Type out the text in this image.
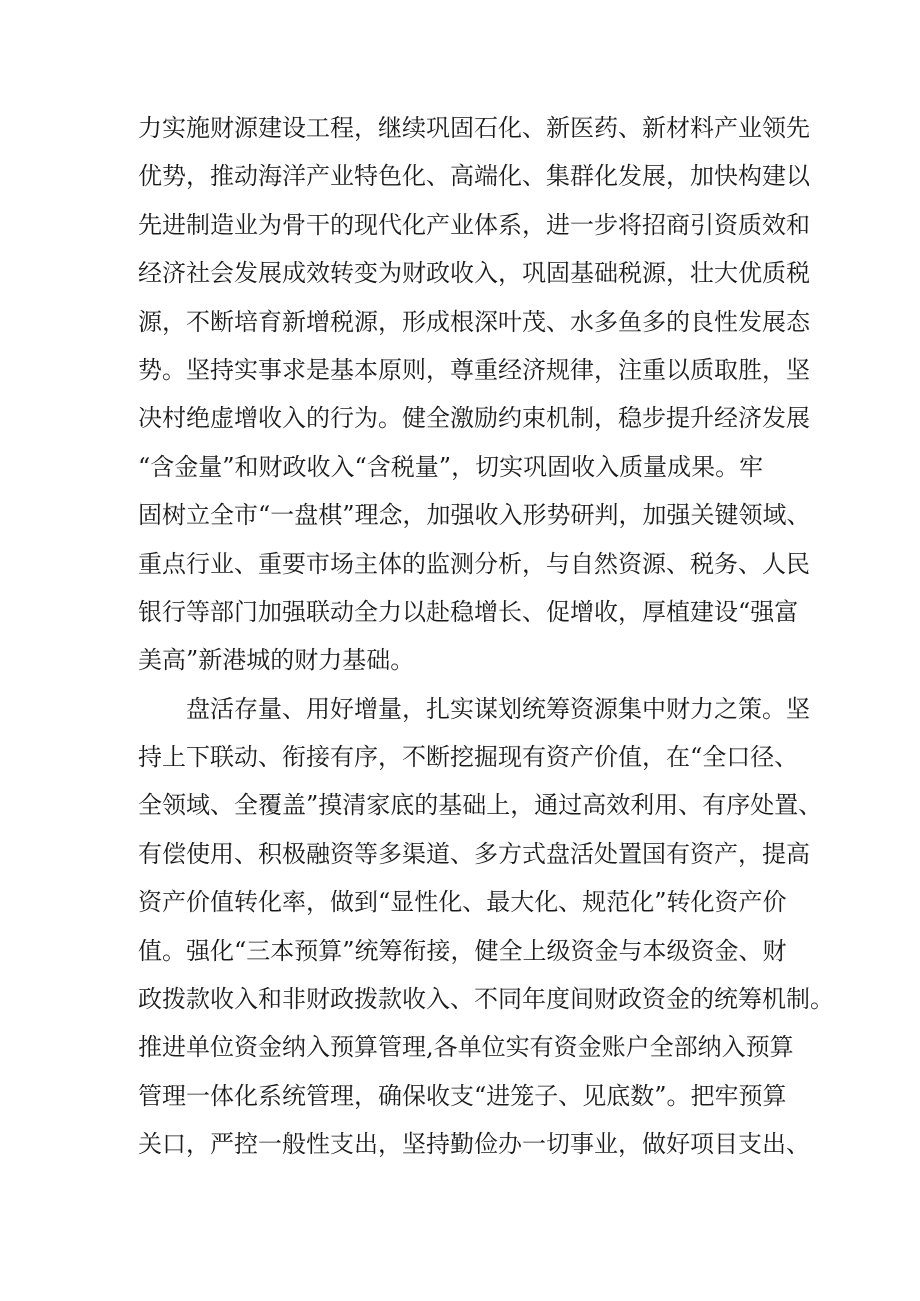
力实施财源建设工程，继续巩固石化、新医药、新材料产业领先
优势，推动海洋产业特色化、高端化、集群化发展，加快构建以
先进制造业为骨干的现代化产业体系，进一步将招商引资质效和
经济社会发展成效转变为财政收入，巩固基础税源，壮大优质税
源，不断培育新增税源，形成根深叶茂、水多鱼多的良性发展态
势。坚持实事求是基本原则，尊重经济规律，注重以质取胜，坚
决村绝虚增收入的行为。健全激励约束机制，稳步提升经济发展
“含金量”和财政收入“含税量”，切实巩固收入质量成果。牢
固树立全市“一盘棋”理念，加强收入形势研判，加强关键领域、
重点行业、重要市场主体的监测分析，与自然资源、税务、人民
银行等部门加强联动全力以赴稳增长、促增收，厚植建设“强富
美高”新港城的财力基础。
盘活存量、用好增量，扎实谋划统筹资源集中财力之策。坚
持上下联动、衔接有序，不断挖掘现有资产价值，在“全口径、
全领域、全覆盖”摸清家底的基础上，通过高效利用、有序处置、
有偿使用、积极融资等多渠道、多方式盘活处置国有资产，提高
资产价值转化率，做到“显性化、最大化、规范化”转化资产价
值。强化“三本预算”统筹衔接，健全上级资金与本级资金、财
政拨款收入和非财政拨款收入、不同年度间财政资金的统筹机制。
推进单位资金纳入预算管理,各单位实有资金账户全部纳入预算
管理一体化系统管理，确保收支“进笼子、见底数”。把牢预算
关口，严控一般性支出，坚持勤俭办一切事业，做好项目支出、
